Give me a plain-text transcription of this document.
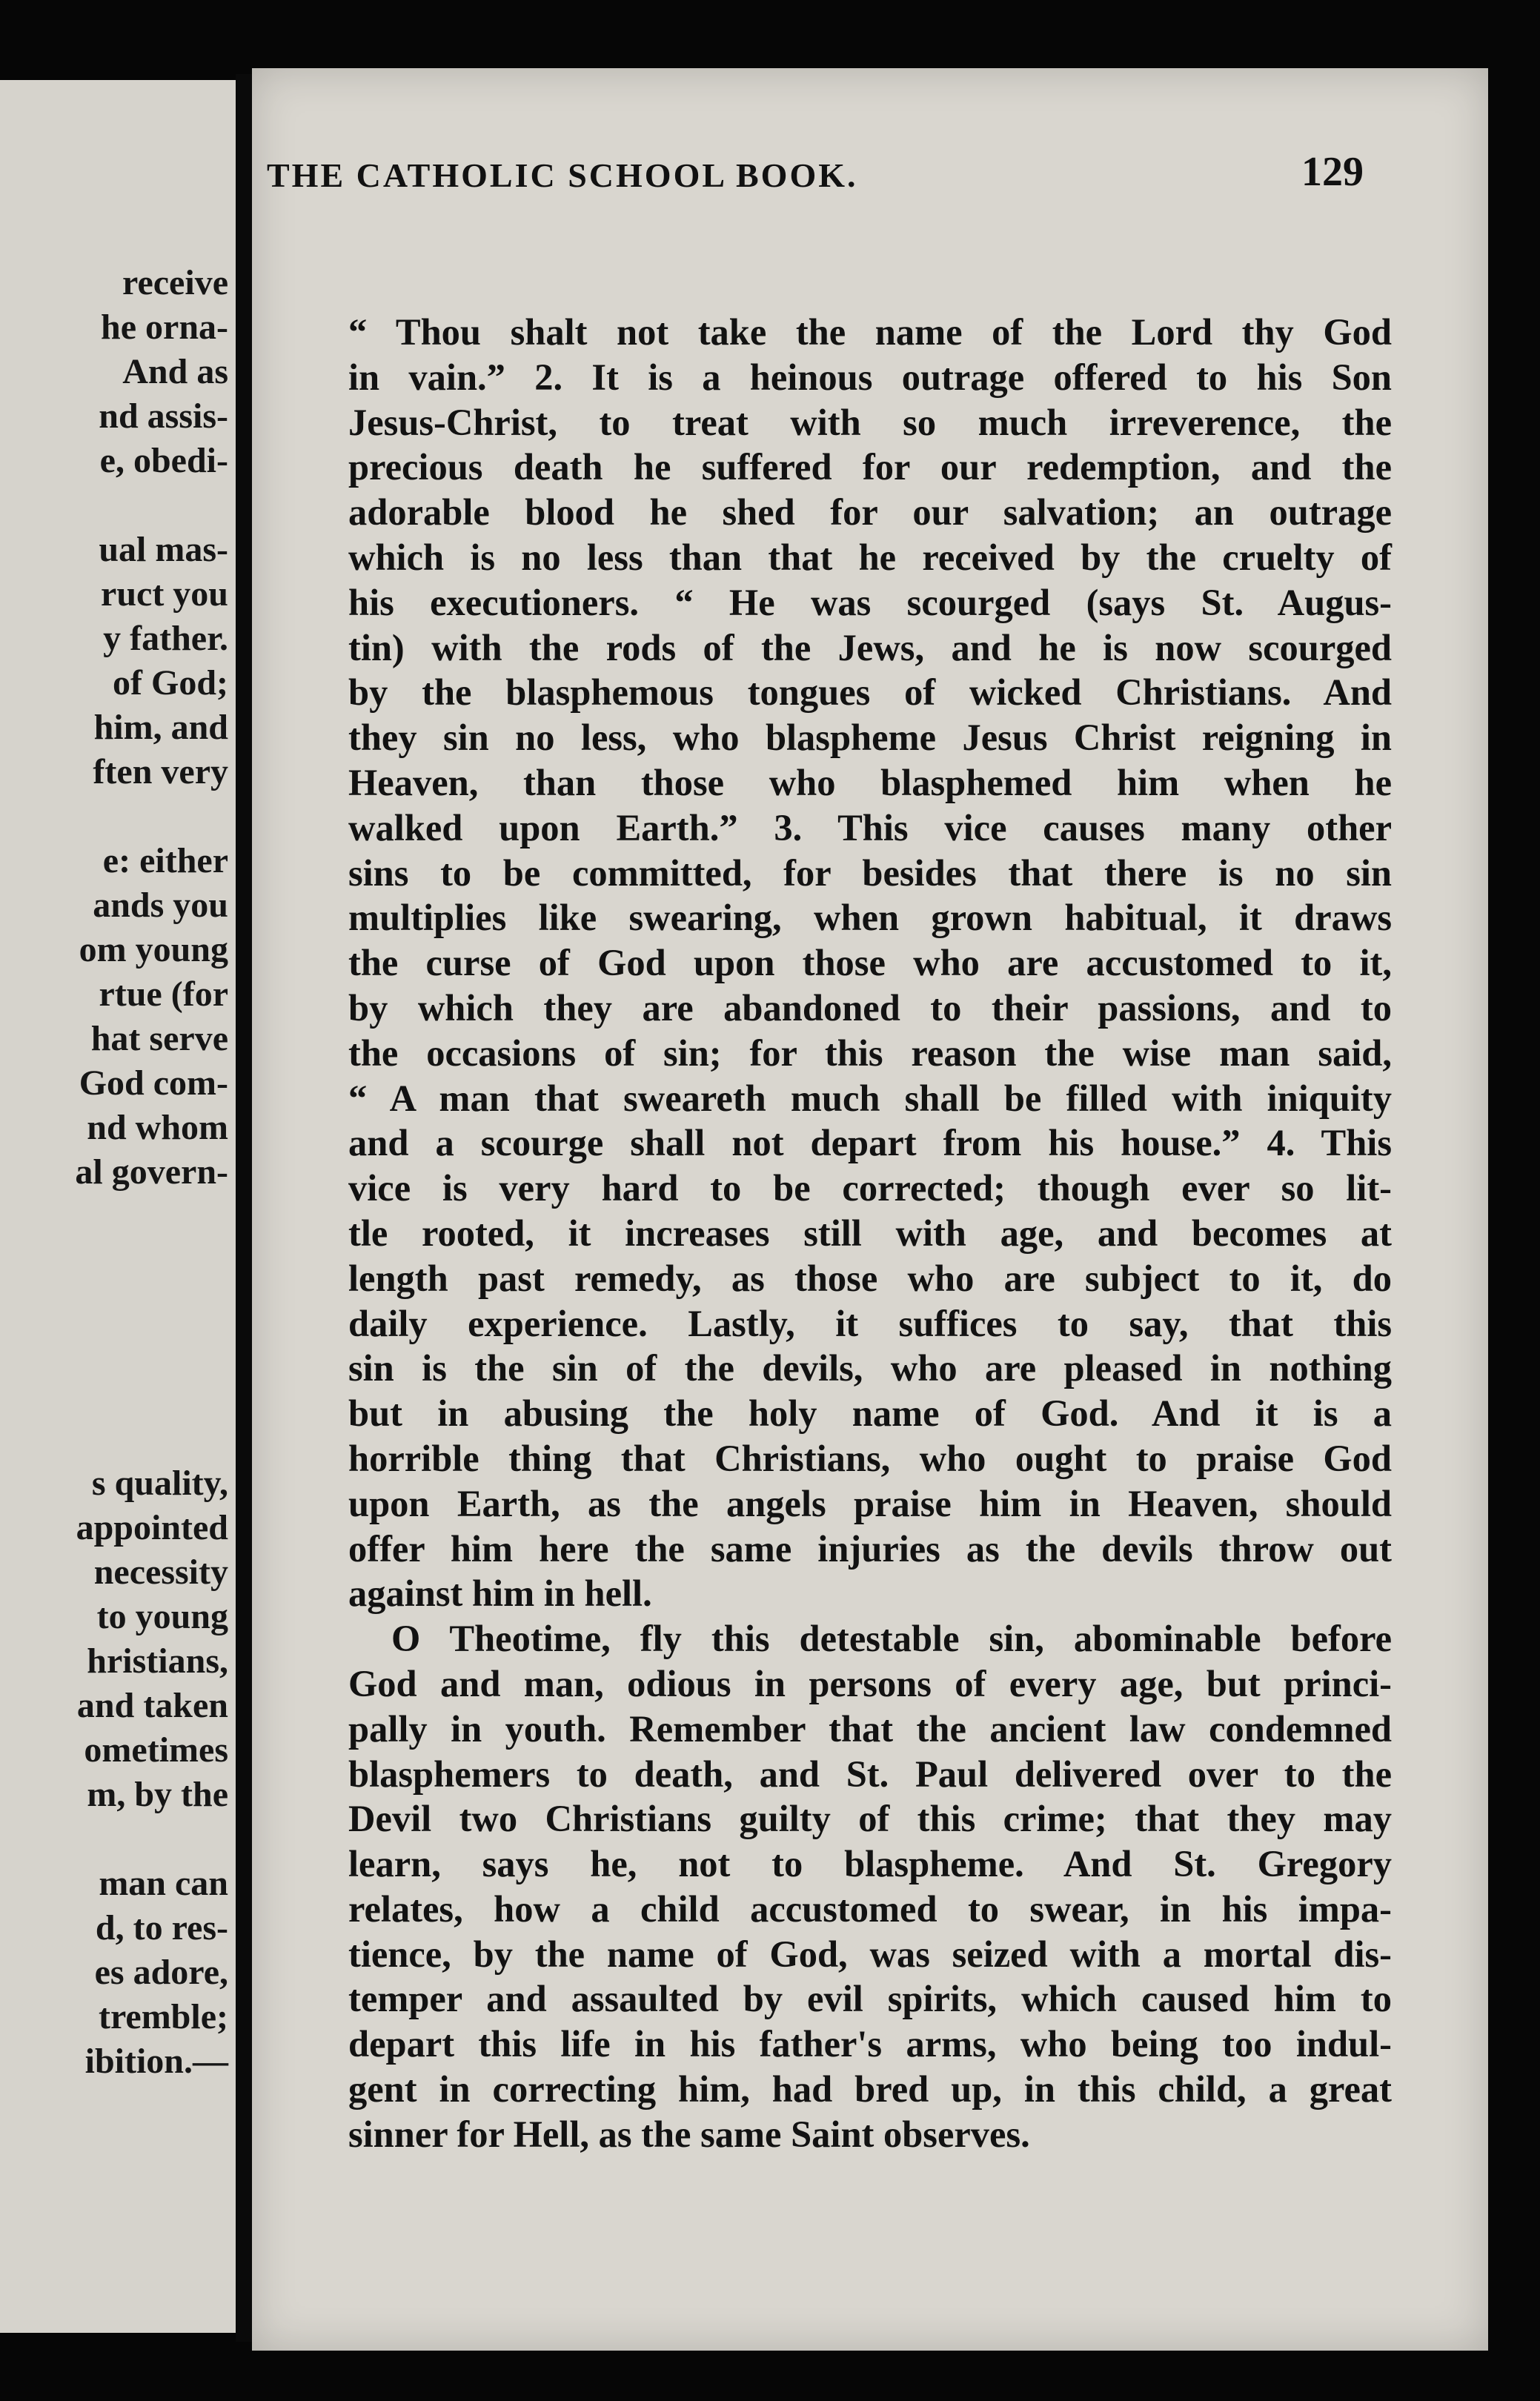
receive

he orna-

And as

nd assis-

e, obedi-

ual mas-

ruct you

y father.

of God;

him, and

ften very

e: either

ands you

om young

rtue (for

hat serve

God com-

nd whom

al govern-

s quality,

appointed

necessity

to young

hristians,

and taken

ometimes

m, by the

man can

d, to res-

es adore,

tremble;

ibition.—

THE CATHOLIC SCHOOL BOOK.	129

“ Thou shalt not take the name of the Lord thy God
in vain.” 2. It is a heinous outrage offered to his Son
Jesus-Christ, to treat with so much irreverence, the
precious death he suffered for our redemption, and the
adorable blood he shed for our salvation; an outrage
which is no less than that he received by the cruelty of
his executioners. “ He was scourged (says St. Augus-
tin) with the rods of the Jews, and he is now scourged
by the blasphemous tongues of wicked Christians. And
they sin no less, who blaspheme Jesus Christ reigning in
Heaven, than those who blasphemed him when he
walked upon Earth.” 3. This vice causes many other
sins to be committed, for besides that there is no sin
multiplies like swearing, when grown habitual, it draws
the curse of God upon those who are accustomed to it,
by which they are abandoned to their passions, and to
the occasions of sin; for this reason the wise man said,
“ A man that sweareth much shall be filled with iniquity
and a scourge shall not depart from his house.” 4. This
vice is very hard to be corrected; though ever so lit-
tle rooted, it increases still with age, and becomes at
length past remedy, as those who are subject to it, do
daily experience. Lastly, it suffices to say, that this
sin is the sin of the devils, who are pleased in nothing
but in abusing the holy name of God. And it is a
horrible thing that Christians, who ought to praise God
upon Earth, as the angels praise him in Heaven, should
offer him here the same injuries as the devils throw out
against him in hell.
O Theotime, fly this detestable sin, abominable before
God and man, odious in persons of every age, but princi-
pally in youth. Remember that the ancient law condemned
blasphemers to death, and St. Paul delivered over to the
Devil two Christians guilty of this crime; that they may
learn, says he, not to blaspheme. And St. Gregory
relates, how a child accustomed to swear, in his impa-
tience, by the name of God, was seized with a mortal dis-
temper and assaulted by evil spirits, which caused him to
depart this life in his father's arms, who being too indul-
gent in correcting him, had bred up, in this child, a great
sinner for Hell, as the same Saint observes.
